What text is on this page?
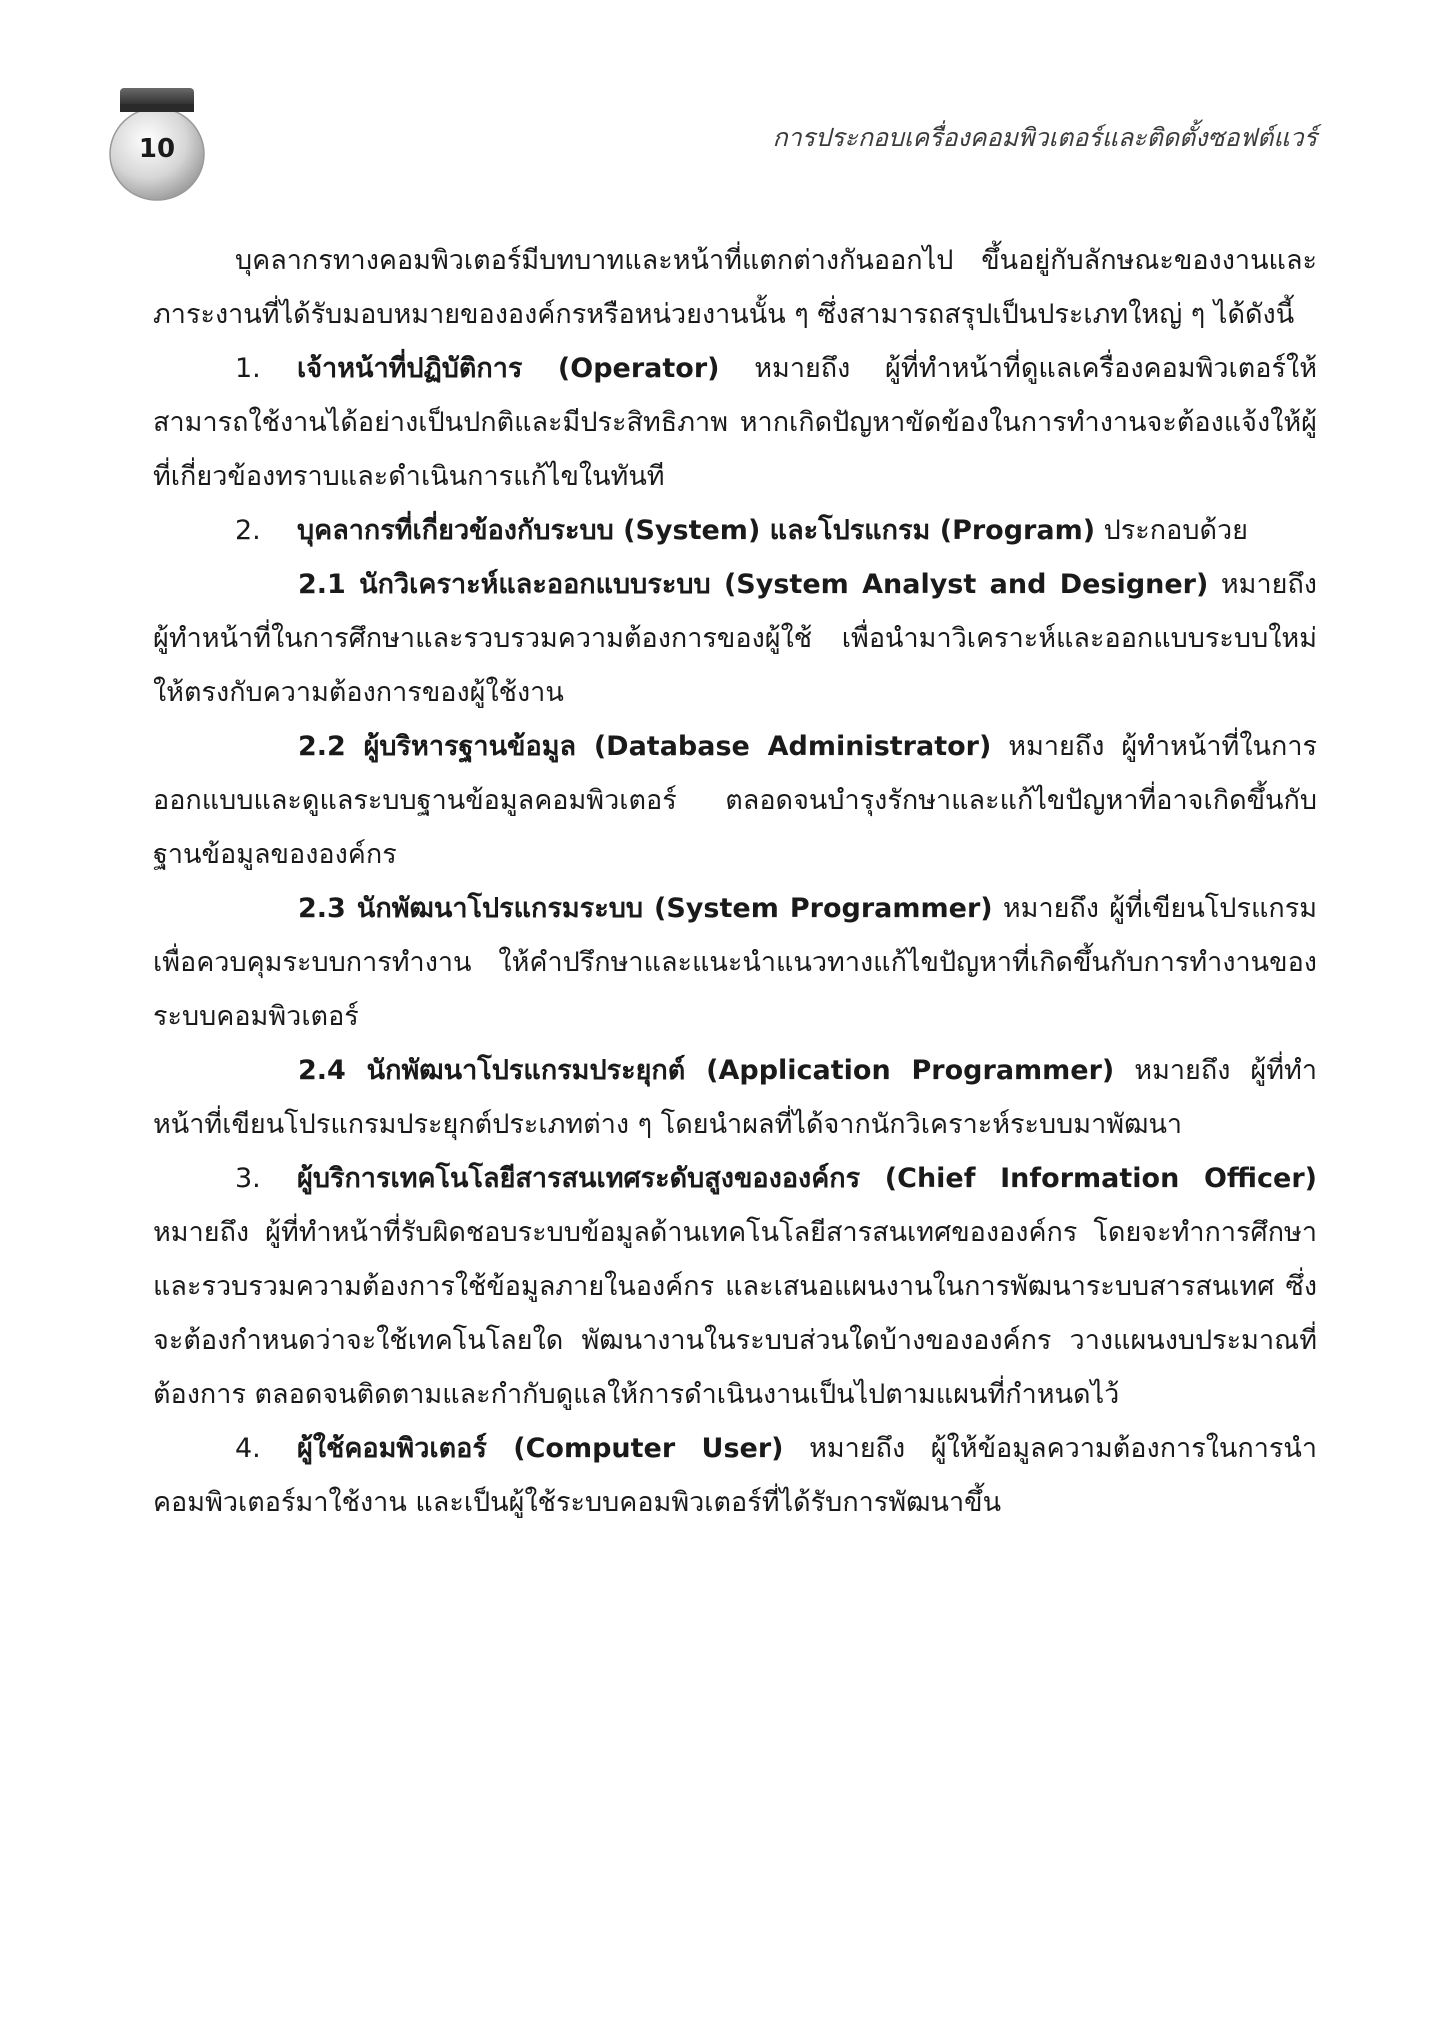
10	การประกอบเครื่องคอมพิวเตอร์และติดตั้งซอฟต์แวร์

บุคลากรทางคอมพิวเตอร์มีบทบาทและหน้าที่แตกต่างกันออกไป ขึ้นอยู่กับลักษณะของงานและภาระงานที่ได้รับมอบหมายขององค์กรหรือหน่วยงานนั้น ๆ ซึ่งสามารถสรุปเป็นประเภทใหญ่ ๆ ได้ดังนี้

1. เจ้าหน้าที่ปฏิบัติการ (Operator) หมายถึง ผู้ที่ทำหน้าที่ดูแลเครื่องคอมพิวเตอร์ให้สามารถใช้งานได้อย่างเป็นปกติและมีประสิทธิภาพ หากเกิดปัญหาขัดข้องในการทำงานจะต้องแจ้งให้ผู้ที่เกี่ยวข้องทราบและดำเนินการแก้ไขในทันที

2. บุคลากรที่เกี่ยวข้องกับระบบ (System) และโปรแกรม (Program) ประกอบด้วย

2.1 นักวิเคราะห์และออกแบบระบบ (System Analyst and Designer) หมายถึง ผู้ทำหน้าที่ในการศึกษาและรวบรวมความต้องการของผู้ใช้ เพื่อนำมาวิเคราะห์และออกแบบระบบใหม่ให้ตรงกับความต้องการของผู้ใช้งาน

2.2 ผู้บริหารฐานข้อมูล (Database Administrator) หมายถึง ผู้ทำหน้าที่ในการออกแบบและดูแลระบบฐานข้อมูลคอมพิวเตอร์ ตลอดจนบำรุงรักษาและแก้ไขปัญหาที่อาจเกิดขึ้นกับฐานข้อมูลขององค์กร

2.3 นักพัฒนาโปรแกรมระบบ (System Programmer) หมายถึง ผู้ที่เขียนโปรแกรมเพื่อควบคุมระบบการทำงาน ให้คำปรึกษาและแนะนำแนวทางแก้ไขปัญหาที่เกิดขึ้นกับการทำงานของระบบคอมพิวเตอร์

2.4 นักพัฒนาโปรแกรมประยุกต์ (Application Programmer) หมายถึง ผู้ที่ทำหน้าที่เขียนโปรแกรมประยุกต์ประเภทต่าง ๆ โดยนำผลที่ได้จากนักวิเคราะห์ระบบมาพัฒนา

3. ผู้บริการเทคโนโลยีสารสนเทศระดับสูงขององค์กร (Chief Information Officer) หมายถึง ผู้ที่ทำหน้าที่รับผิดชอบระบบข้อมูลด้านเทคโนโลยีสารสนเทศขององค์กร โดยจะทำการศึกษาและรวบรวมความต้องการใช้ข้อมูลภายในองค์กร และเสนอแผนงานในการพัฒนาระบบสารสนเทศ ซึ่งจะต้องกำหนดว่าจะใช้เทคโนโลยใด พัฒนางานในระบบส่วนใดบ้างขององค์กร วางแผนงบประมาณที่ต้องการ ตลอดจนติดตามและกำกับดูแลให้การดำเนินงานเป็นไปตามแผนที่กำหนดไว้

4. ผู้ใช้คอมพิวเตอร์ (Computer User) หมายถึง ผู้ให้ข้อมูลความต้องการในการนำคอมพิวเตอร์มาใช้งาน และเป็นผู้ใช้ระบบคอมพิวเตอร์ที่ได้รับการพัฒนาขึ้น
